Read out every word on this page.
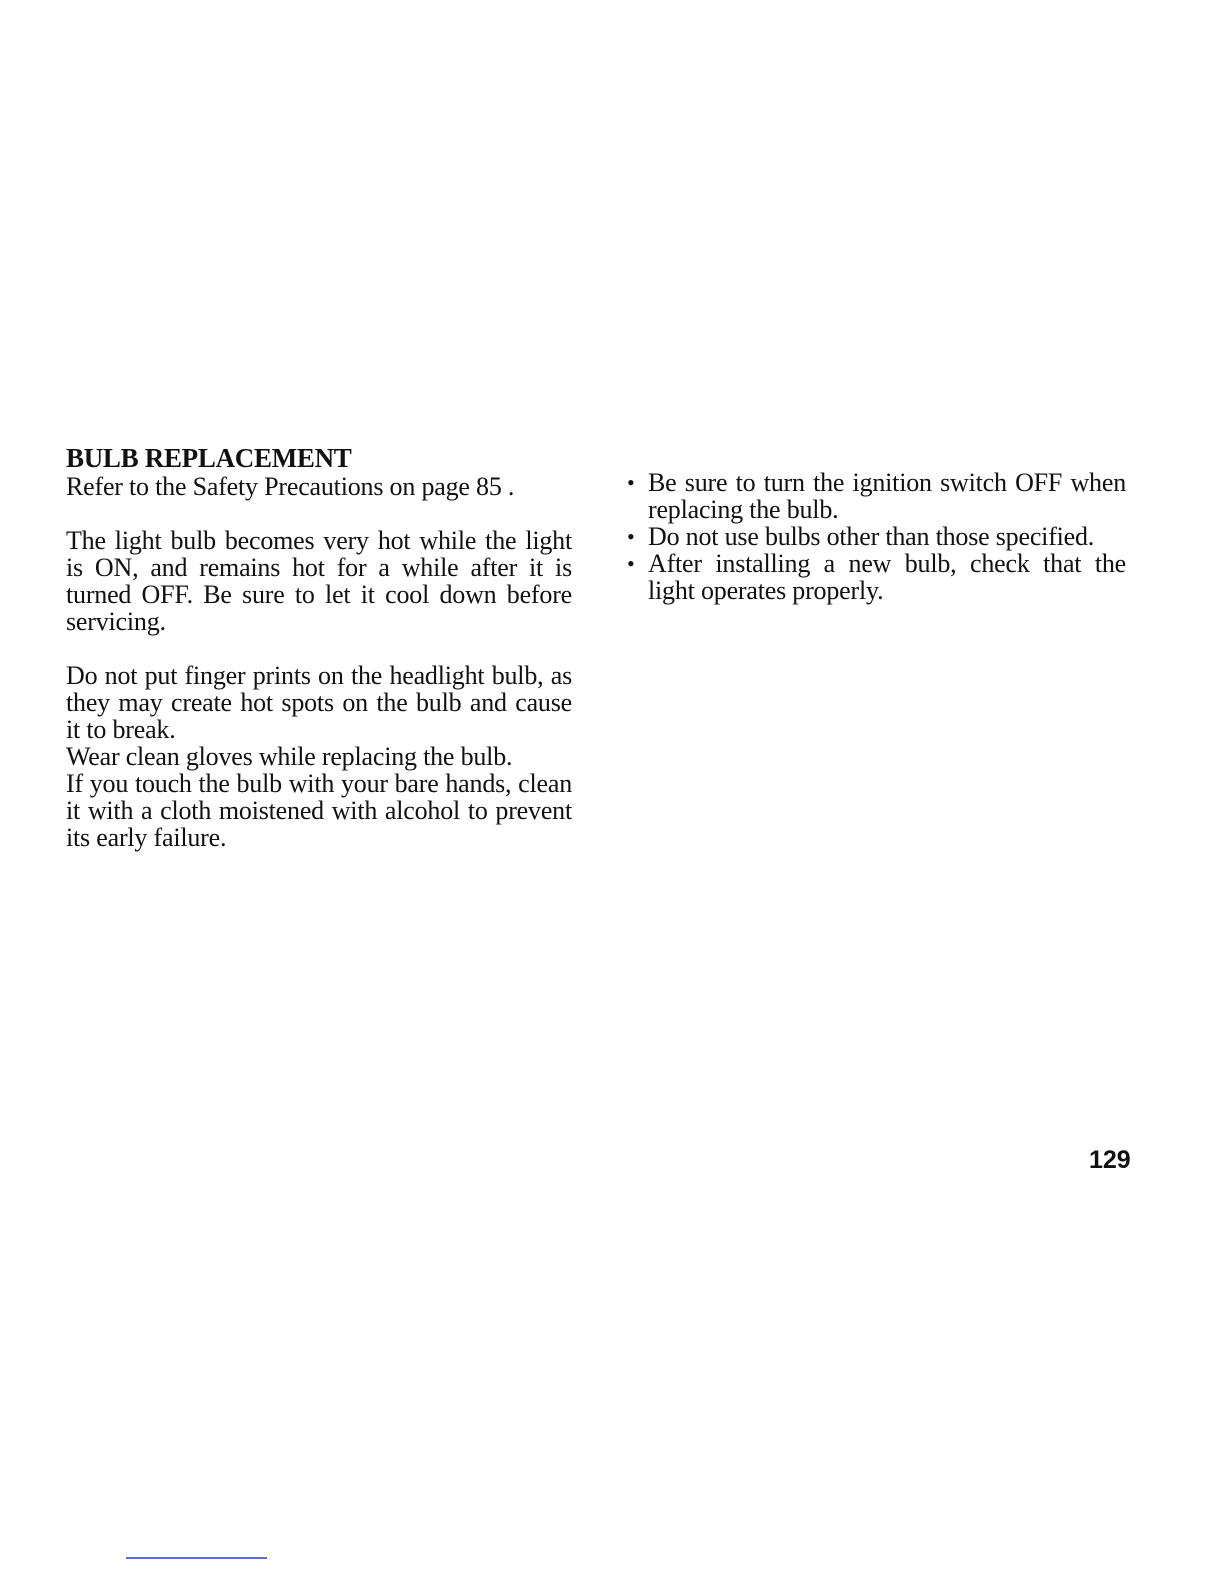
BULB REPLACEMENT

Refer to the Safety Precautions on page 85 .

The light bulb becomes very hot while the light is ON, and remains hot for a while after it is turned OFF. Be sure to let it cool down before servicing.

Do not put finger prints on the headlight bulb, as they may create hot spots on the bulb and cause it to break.

Wear clean gloves while replacing the bulb.

If you touch the bulb with your bare hands, clean it with a cloth moistened with alcohol to prevent its early failure.

• Be sure to turn the ignition switch OFF when replacing the bulb.
• Do not use bulbs other than those specified.
• After installing a new bulb, check that the light operates properly.
129
